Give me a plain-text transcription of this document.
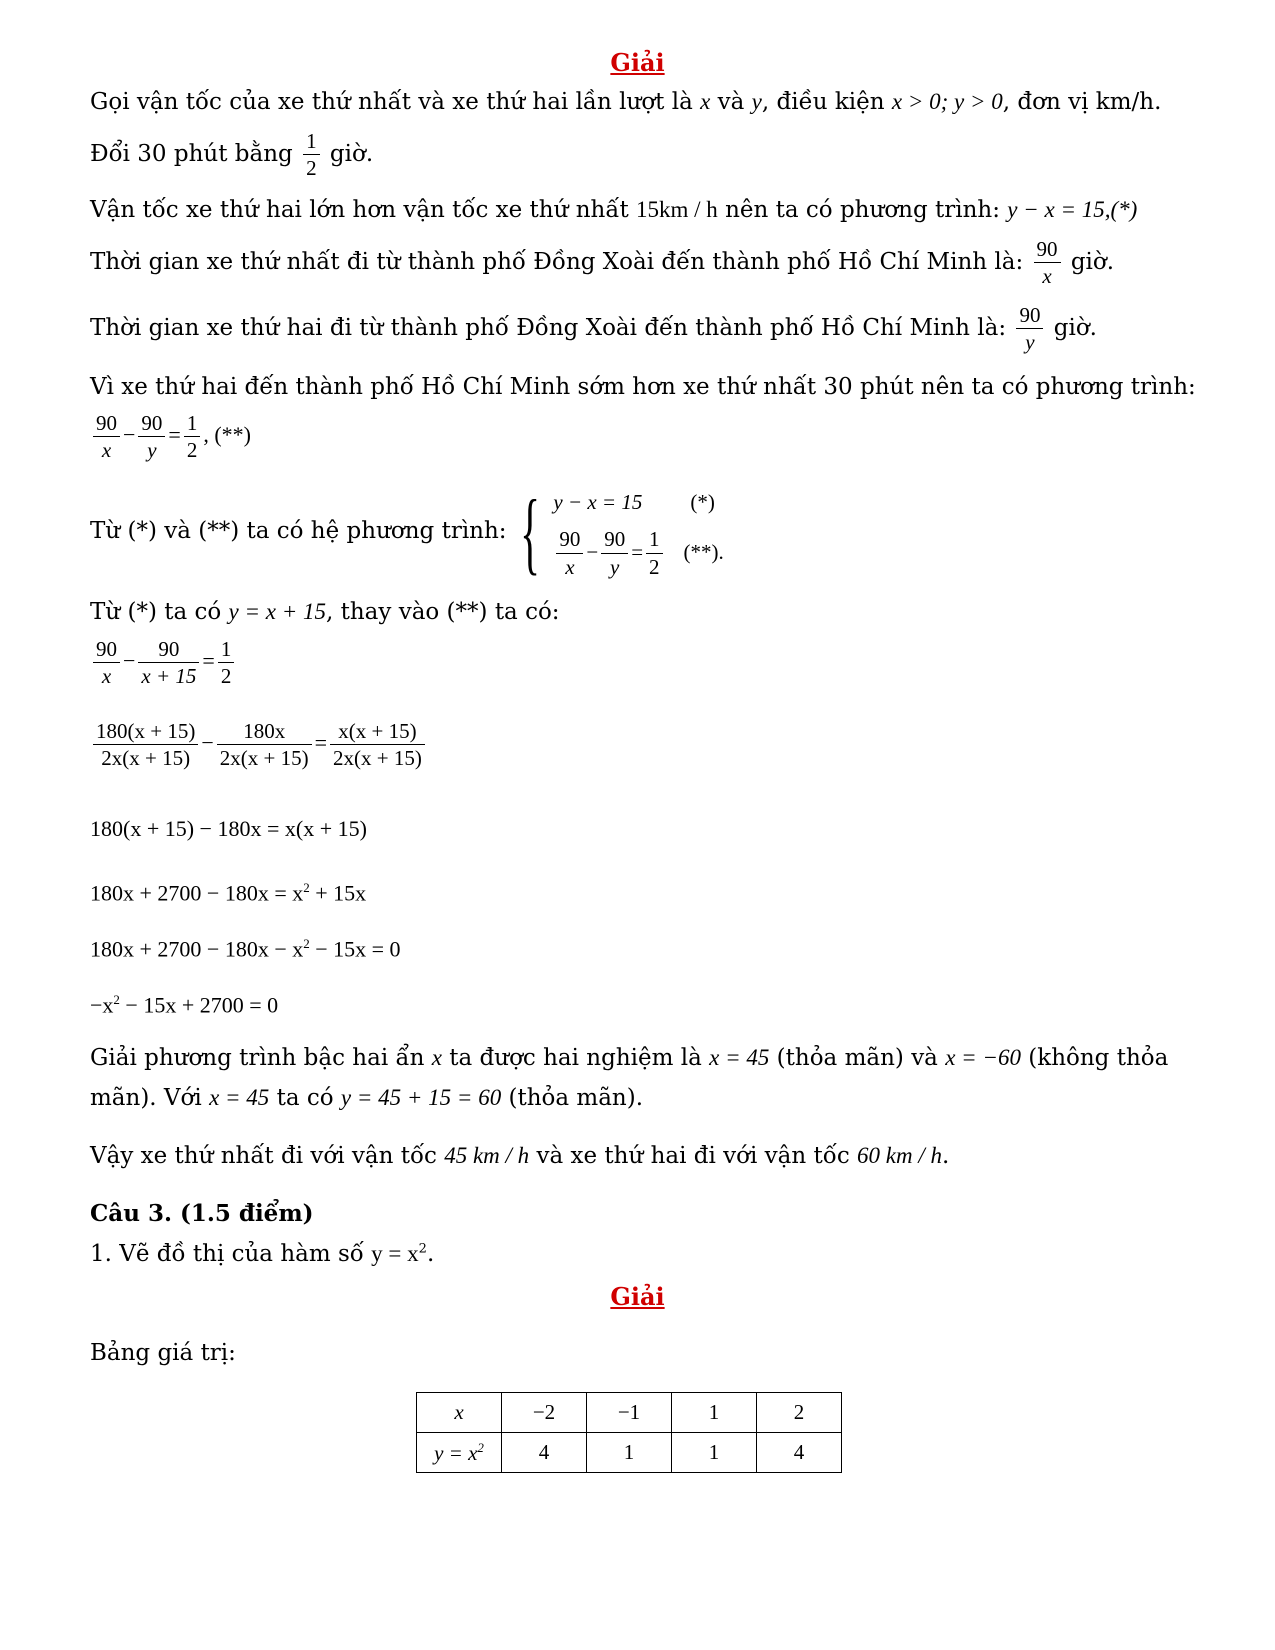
Giải
Gọi vận tốc của xe thứ nhất và xe thứ hai lần lượt là x và y, điều kiện x > 0; y > 0, đơn vị km/h.
Đổi 30 phút bằng $\frac{1}{2}$ giờ.
Vận tốc xe thứ hai lớn hơn vận tốc xe thứ nhất 15km / h nên ta có phương trình: y − x = 15,(*)
Thời gian xe thứ nhất đi từ thành phố Đồng Xoài đến thành phố Hồ Chí Minh là: $\frac{90}{x}$ giờ.
Thời gian xe thứ hai đi từ thành phố Đồng Xoài đến thành phố Hồ Chí Minh là: $\frac{90}{y}$ giờ.
Vì xe thứ hai đến thành phố Hồ Chí Minh sớm hơn xe thứ nhất 30 phút nên ta có phương trình:
$\frac{90}{x} - \frac{90}{y} = \frac{1}{2}$ , (**)
Từ (*) và (**) ta có hệ phương trình: { y − x = 15 (*)
$\frac{90}{x} - \frac{90}{y} = \frac{1}{2}$ (**) .
Từ (*) ta có y = x + 15, thay vào (**) ta có:
$\frac{90}{x} - \frac{90}{x + 15} = \frac{1}{2}$
$\frac{180(x + 15)}{2x(x + 15)} - \frac{180x}{2x(x + 15)} = \frac{x(x + 15)}{2x(x + 15)}$
180(x + 15) − 180x = x(x + 15)
$180x + 2700 - 180x = x^2 + 15x$
$180x + 2700 - 180x - x^2 - 15x = 0$
$-x^2 - 15x + 2700 = 0$
Giải phương trình bậc hai ẩn x ta được hai nghiệm là x = 45 (thỏa mãn) và x = −60 (không thỏa
mãn). Với x = 45 ta có y = 45 + 15 = 60 (thỏa mãn).
Vậy xe thứ nhất đi với vận tốc 45 km / h và xe thứ hai đi với vận tốc 60 km / h.
Câu 3. (1.5 điểm)
1. Vẽ đồ thị của hàm số $y = x^2$.
Giải
Bảng giá trị:
x	−2	−1	1	2
$y = x^2$	4	1	1	4
